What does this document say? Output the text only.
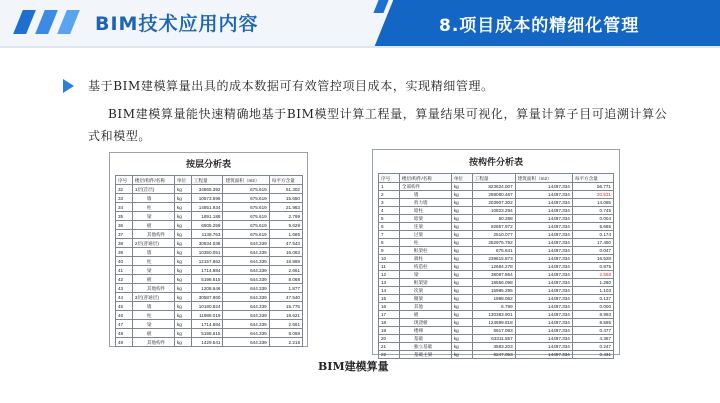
BIM技术应用内容	8.项目成本的精细化管理
基于BIM建模算量出具的成本数据可有效管控项目成本，实现精细管理。
BIM建模算量能快速精确地基于BIM模型计算工程量，算量结果可视化，算量计算子目可追溯计算公式和模型。
按层分析表
序号	楼层/构件/名称	单位	工程量	建筑面积（m2）	每平方含量
32	1层(首层)	kg	34865.392	675.619	51.302
33	墙	kg	10573.596	675.619	15.650
34	柱	kg	14851.934	675.619	21.983
35	梁	kg	1891.188	675.619	2.799
36	板	kg	6505.259	675.619	9.629
37	其他构件	kg	1138.763	675.619	1.685
38	2层(普通层)	kg	30634.038	644.339	47.543
39	墙	kg	10350.051	644.339	16.063
40	柱	kg	12157.862	644.339	18.869
41	梁	kg	1714.884	644.339	2.661
42	板	kg	5198.615	644.339	8.068
43	其他构件	kg	1208.646	644.339	1.877
44	3层(普通层)	kg	30587.860	644.339	47.540
45	墙	kg	10180.824	644.339	15.775
46	柱	kg	11988.019	644.339	18.621
47	梁	kg	1714.884	644.339	2.661
48	板	kg	5198.615	644.339	8.068
49	其他构件	kg	1429.541	644.339	2.218
按构件分析表
序号	楼层/构件/名称	单位	工程量	建筑面积（m2）	每平方含量
1	全部构件	kg	823624.007	14497.334	56.771
2	墙	kg	298060.487	14497.334	20.531
3	剪力墙	kg	203907.302	14497.334	14.065
4	暗柱	kg	10823.294	14497.334	0.745
5	暗梁	kg	60.288	14497.334	0.004
6	连梁	kg	82857.972	14497.334	5.665
7	过梁	kg	2510.077	14497.334	0.174
8	柱	kg	252975.792	14497.334	17.450
9	框架柱	kg	675.641	14497.334	0.047
10	端柱	kg	239615.873	14497.334	16.528
11	构造柱	kg	12684.278	14497.334	0.875
12	梁	kg	38087.864	14497.334	2.568
13	框架梁	kg	18556.098	14497.334	1.280
14	次梁	kg	15985.295	14497.334	1.103
15	圈梁	kg	1988.062	14497.334	0.137
16	其他	kg	6.799	14497.334	0.000
17	板	kg	130383.901	14497.334	8.993
18	现浇板	kg	124599.818	14497.334	8.595
19	楼梯	kg	6917.083	14497.334	0.477
20	基础	kg	63311.557	14497.334	4.367
21	独立基础	kg	3583.203	14497.334	0.247
22	基础主梁	kg	6247.053	14497.334	0.431
BIM建模算量
